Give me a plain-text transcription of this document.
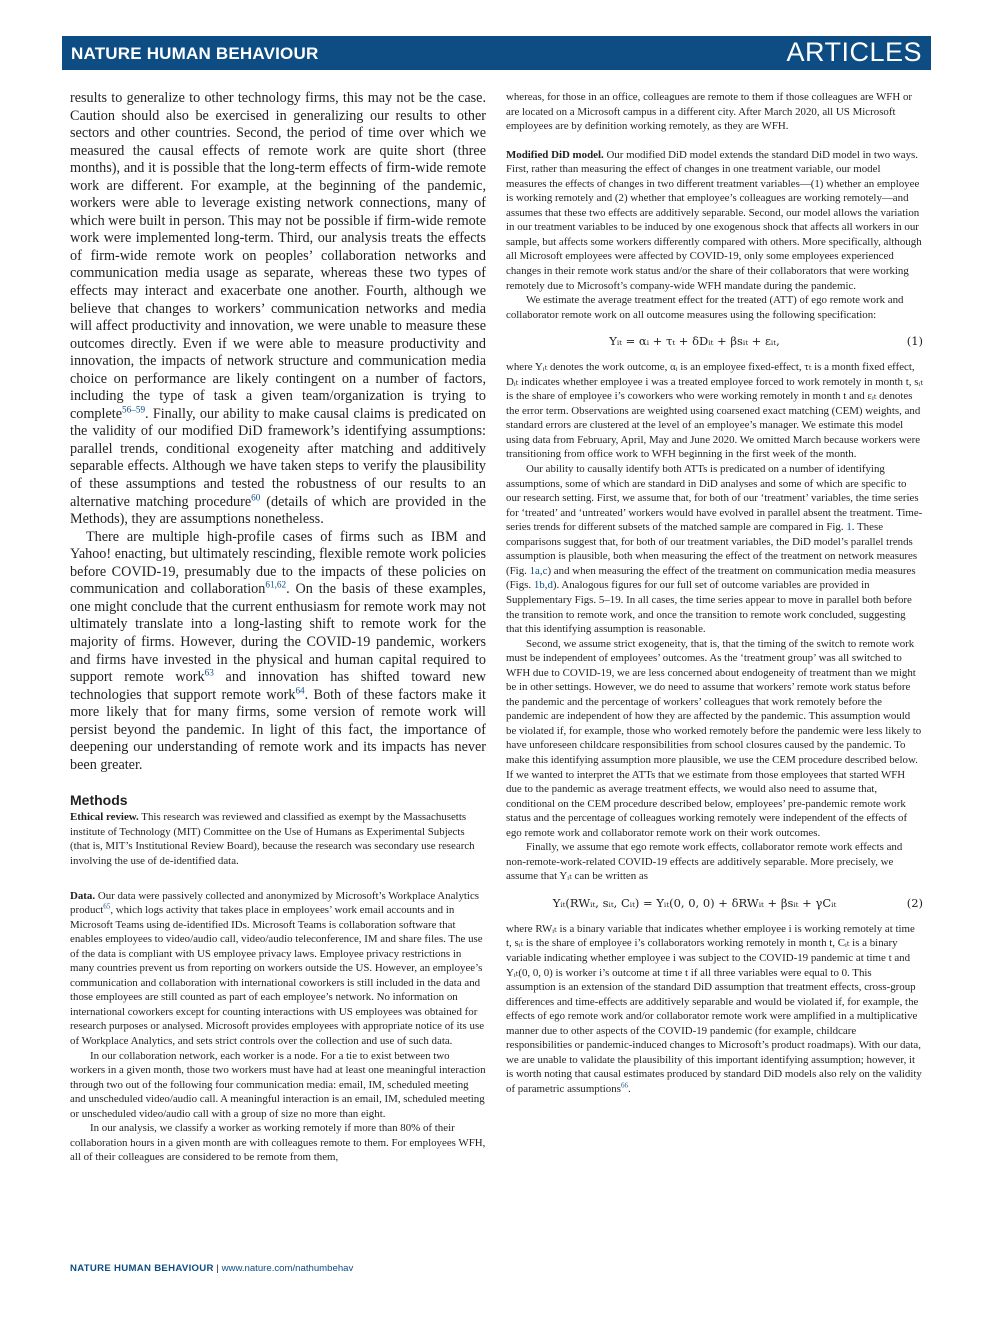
NATURE HUMAN BEHAVIOUR	ARTICLES

results to generalize to other technology firms, this may not be the case. Caution should also be exercised in generalizing our results to other sectors and other countries. Second, the period of time over which we measured the causal effects of remote work are quite short (three months), and it is possible that the long-term effects of firm-wide remote work are different. For example, at the beginning of the pandemic, workers were able to leverage existing network connections, many of which were built in person. This may not be possible if firm-wide remote work were implemented long-term. Third, our analysis treats the effects of firm-wide remote work on peoples’ collaboration networks and communication media usage as separate, whereas these two types of effects may interact and exacerbate one another. Fourth, although we believe that changes to workers’ communication networks and media will affect productivity and innovation, we were unable to measure these outcomes directly. Even if we were able to measure productivity and innovation, the impacts of network structure and communication media choice on performance are likely contingent on a number of factors, including the type of task a given team/organization is trying to complete$^{56-59}$. Finally, our ability to make causal claims is predicated on the validity of our modified DiD framework’s identifying assumptions: parallel trends, conditional exogeneity after matching and additively separable effects. Although we have taken steps to verify the plausibility of these assumptions and tested the robustness of our results to an alternative matching procedure$^{60}$ (details of which are provided in the Methods), they are assumptions nonetheless.

There are multiple high-profile cases of firms such as IBM and Yahoo! enacting, but ultimately rescinding, flexible remote work policies before COVID-19, presumably due to the impacts of these policies on communication and collaboration$^{61,62}$. On the basis of these examples, one might conclude that the current enthusiasm for remote work may not ultimately translate into a long-lasting shift to remote work for the majority of firms. However, during the COVID-19 pandemic, workers and firms have invested in the physical and human capital required to support remote work$^{63}$ and innovation has shifted toward new technologies that support remote work$^{64}$. Both of these factors make it more likely that for many firms, some version of remote work will persist beyond the pandemic. In light of this fact, the importance of deepening our understanding of remote work and its impacts has never been greater.

Methods

Ethical review. This research was reviewed and classified as exempt by the Massachusetts institute of Technology (MIT) Committee on the Use of Humans as Experimental Subjects (that is, MIT’s Institutional Review Board), because the research was secondary use research involving the use of de-identified data.

Data. Our data were passively collected and anonymized by Microsoft’s Workplace Analytics product$^{65}$, which logs activity that takes place in employees’ work email accounts and in Microsoft Teams using de-identified IDs. Microsoft Teams is collaboration software that enables employees to video/audio call, video/audio teleconference, IM and share files. The use of the data is compliant with US employee privacy laws. Employee privacy restrictions in many countries prevent us from reporting on workers outside the US. However, an employee’s communication and collaboration with international coworkers is still included in the data and those employees are still counted as part of each employee’s network. No information on international coworkers except for counting interactions with US employees was obtained for research purposes or analysed. Microsoft provides employees with appropriate notice of its use of Workplace Analytics, and sets strict controls over the collection and use of such data.

In our collaboration network, each worker is a node. For a tie to exist between two workers in a given month, those two workers must have had at least one meaningful interaction through two out of the following four communication media: email, IM, scheduled meeting and unscheduled video/audio call. A meaningful interaction is an email, IM, scheduled meeting or unscheduled video/audio call with a group of size no more than eight.

In our analysis, we classify a worker as working remotely if more than 80% of their collaboration hours in a given month are with colleagues remote to them. For employees WFH, all of their colleagues are considered to be remote from them,

whereas, for those in an office, colleagues are remote to them if those colleagues are WFH or are located on a Microsoft campus in a different city. After March 2020, all US Microsoft employees are by definition working remotely, as they are WFH.

Modified DiD model. Our modified DiD model extends the standard DiD model in two ways. First, rather than measuring the effect of changes in one treatment variable, our model measures the effects of changes in two different treatment variables—(1) whether an employee is working remotely and (2) whether that employee’s colleagues are working remotely—and assumes that these two effects are additively separable. Second, our model allows the variation in our treatment variables to be induced by one exogenous shock that affects all workers in our sample, but affects some workers differently compared with others. More specifically, although all Microsoft employees were affected by COVID-19, only some employees experienced changes in their remote work status and/or the share of their collaborators that were working remotely due to Microsoft’s company-wide WFH mandate during the pandemic.

We estimate the average treatment effect for the treated (ATT) of ego remote work and collaborator remote work on all outcome measures using the following specification:

Yᵢₜ = αᵢ + τₜ + δDᵢₜ + βsᵢₜ + εᵢₜ,	(1)

where Yᵢₜ denotes the work outcome, αᵢ is an employee fixed-effect, τₜ is a month fixed effect, Dᵢₜ indicates whether employee i was a treated employee forced to work remotely in month t, sᵢₜ is the share of employee i’s coworkers who were working remotely in month t and εᵢₜ denotes the error term. Observations are weighted using coarsened exact matching (CEM) weights, and standard errors are clustered at the level of an employee’s manager. We estimate this model using data from February, April, May and June 2020. We omitted March because workers were transitioning from office work to WFH beginning in the first week of the month.

Our ability to causally identify both ATTs is predicated on a number of identifying assumptions, some of which are standard in DiD analyses and some of which are specific to our research setting. First, we assume that, for both of our ‘treatment’ variables, the time series for ‘treated’ and ‘untreated’ workers would have evolved in parallel absent the treatment. Time-series trends for different subsets of the matched sample are compared in Fig. 1. These comparisons suggest that, for both of our treatment variables, the DiD model’s parallel trends assumption is plausible, both when measuring the effect of the treatment on network measures (Fig. 1a,c) and when measuring the effect of the treatment on communication media measures (Figs. 1b,d). Analogous figures for our full set of outcome variables are provided in Supplementary Figs. 5–19. In all cases, the time series appear to move in parallel both before the transition to remote work, and once the transition to remote work concluded, suggesting that this identifying assumption is reasonable.

Second, we assume strict exogeneity, that is, that the timing of the switch to remote work must be independent of employees’ outcomes. As the ‘treatment group’ was all switched to WFH due to COVID-19, we are less concerned about endogeneity of treatment than we might be in other settings. However, we do need to assume that workers’ remote work status before the pandemic and the percentage of workers’ colleagues that work remotely before the pandemic are independent of how they are affected by the pandemic. This assumption would be violated if, for example, those who worked remotely before the pandemic were less likely to have unforeseen childcare responsibilities from school closures caused by the pandemic. To make this identifying assumption more plausible, we use the CEM procedure described below. If we wanted to interpret the ATTs that we estimate from those employees that started WFH due to the pandemic as average treatment effects, we would also need to assume that, conditional on the CEM procedure described below, employees’ pre-pandemic remote work status and the percentage of colleagues working remotely were independent of the effects of ego remote work and collaborator remote work on their work outcomes.

Finally, we assume that ego remote work effects, collaborator remote work effects and non-remote-work-related COVID-19 effects are additively separable. More precisely, we assume that Yᵢₜ can be written as

Yᵢₜ(RWᵢₜ, sᵢₜ, Cᵢₜ) = Yᵢₜ(0, 0, 0) + δRWᵢₜ + βsᵢₜ + γCᵢₜ	(2)

where RWᵢₜ is a binary variable that indicates whether employee i is working remotely at time t, sᵢₜ is the share of employee i’s collaborators working remotely in month t, Cᵢₜ is a binary variable indicating whether employee i was subject to the COVID-19 pandemic at time t and Yᵢₜ(0, 0, 0) is worker i’s outcome at time t if all three variables were equal to 0. This assumption is an extension of the standard DiD assumption that treatment effects, cross-group differences and time-effects are additively separable and would be violated if, for example, the effects of ego remote work and/or collaborator remote work were amplified in a multiplicative manner due to other aspects of the COVID-19 pandemic (for example, childcare responsibilities or pandemic-induced changes to Microsoft’s product roadmaps). With our data, we are unable to validate the plausibility of this important identifying assumption; however, it is worth noting that causal estimates produced by standard DiD models also rely on the validity of parametric assumptions$^{66}$.

NATURE HUMAN BEHAVIOUR | www.nature.com/nathumbehav
